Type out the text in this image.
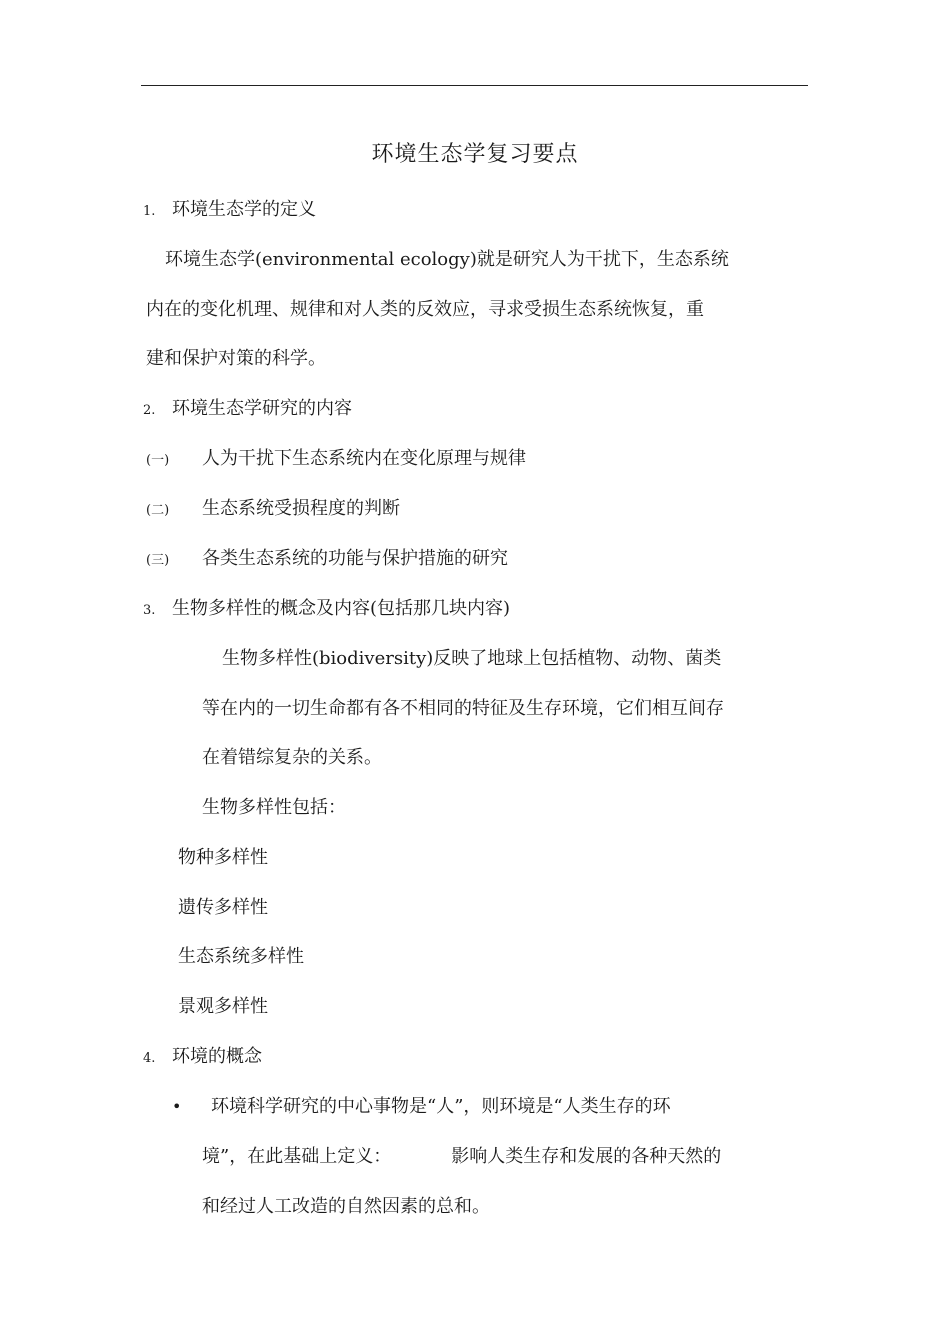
环境生态学复习要点
1. 环境生态学的定义
环境生态学(environmental ecology)就是研究人为干扰下，生态系统
内在的变化机理、规律和对人类的反效应，寻求受损生态系统恢复，重
建和保护对策的科学。
2. 环境生态学研究的内容
(一) 人为干扰下生态系统内在变化原理与规律
(二) 生态系统受损程度的判断
(三) 各类生态系统的功能与保护措施的研究
3. 生物多样性的概念及内容(包括那几块内容)
生物多样性(biodiversity)反映了地球上包括植物、动物、菌类
等在内的一切生命都有各不相同的特征及生存环境，它们相互间存
在着错综复杂的关系。
生物多样性包括：
物种多样性
遗传多样性
生态系统多样性
景观多样性
4. 环境的概念
• 环境科学研究的中心事物是“人”，则环境是“人类生存的环
境”，在此基础上定义：	影响人类生存和发展的各种天然的
和经过人工改造的自然因素的总和。
